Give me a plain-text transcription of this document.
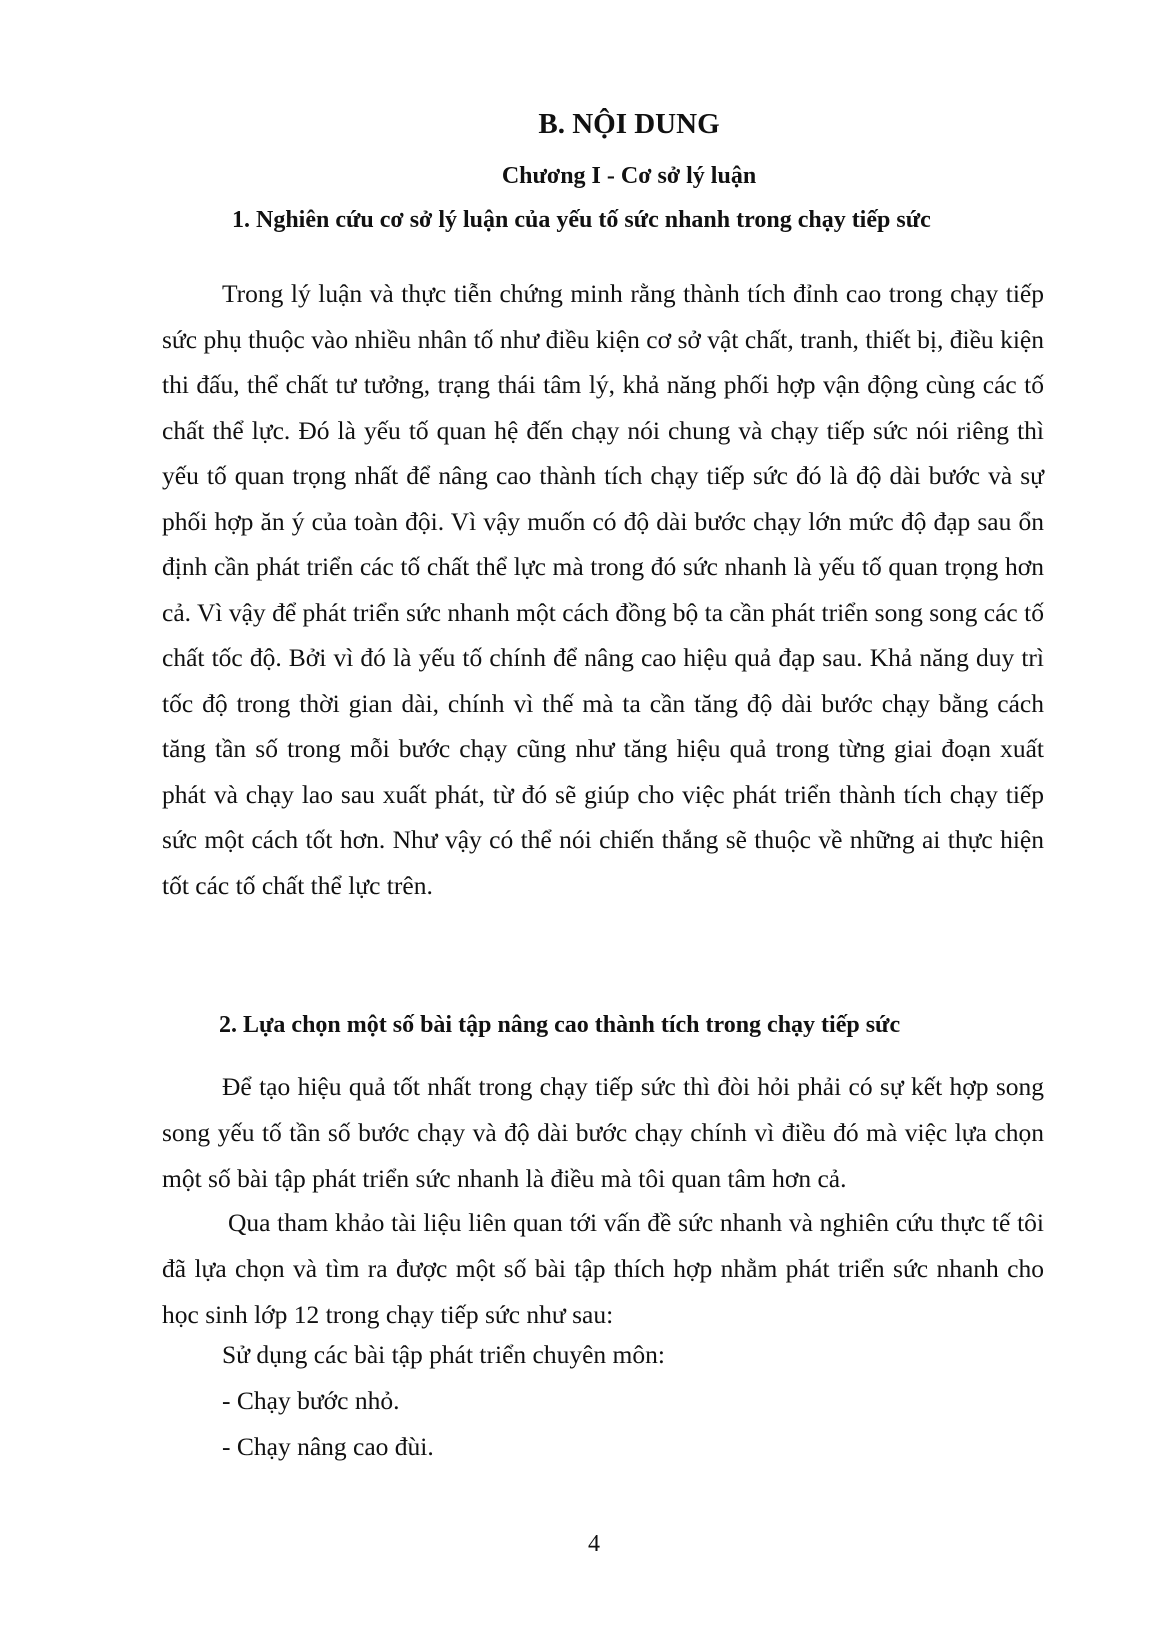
B. NỘI DUNG
Chương I - Cơ sở lý luận
1. Nghiên cứu cơ sở lý luận của yếu tố sức nhanh trong chạy tiếp sức

Trong lý luận và thực tiễn chứng minh rằng thành tích đỉnh cao trong chạy tiếp sức phụ thuộc vào nhiều nhân tố như điều kiện cơ sở vật chất, tranh, thiết bị, điều kiện thi đấu, thể chất tư tưởng, trạng thái tâm lý, khả năng phối hợp vận động cùng các tố chất thể lực. Đó là yếu tố quan hệ đến chạy nói chung và chạy tiếp sức nói riêng thì yếu tố quan trọng nhất để nâng cao thành tích chạy tiếp sức đó là độ dài bước và sự phối hợp ăn ý của toàn đội. Vì vậy muốn có độ dài bước chạy lớn mức độ đạp sau ổn định cần phát triển các tố chất thể lực mà trong đó sức nhanh là yếu tố quan trọng hơn cả. Vì vậy để phát triển sức nhanh một cách đồng bộ ta cần phát triển song song các tố chất tốc độ. Bởi vì đó là yếu tố chính để nâng cao hiệu quả đạp sau. Khả năng duy trì tốc độ trong thời gian dài, chính vì thế mà ta cần tăng độ dài bước chạy bằng cách tăng tần số trong mỗi bước chạy cũng như tăng hiệu quả trong từng giai đoạn xuất phát và chạy lao sau xuất phát, từ đó sẽ giúp cho việc phát triển thành tích chạy tiếp sức một cách tốt hơn. Như vậy có thể nói chiến thắng sẽ thuộc về những ai thực hiện tốt các tố chất thể lực trên.

2. Lựa chọn một số bài tập nâng cao thành tích trong chạy tiếp sức

Để tạo hiệu quả tốt nhất trong chạy tiếp sức thì đòi hỏi phải có sự kết hợp song song yếu tố tần số bước chạy và độ dài bước chạy chính vì điều đó mà việc lựa chọn một số bài tập phát triển sức nhanh là điều mà tôi quan tâm hơn cả.

Qua tham khảo tài liệu liên quan tới vấn đề sức nhanh và nghiên cứu thực tế tôi đã lựa chọn và tìm ra được một số bài tập thích hợp nhằm phát triển sức nhanh cho học sinh lớp 12 trong chạy tiếp sức như sau:

Sử dụng các bài tập phát triển chuyên môn:
- Chạy bước nhỏ.
- Chạy nâng cao đùi.
4
